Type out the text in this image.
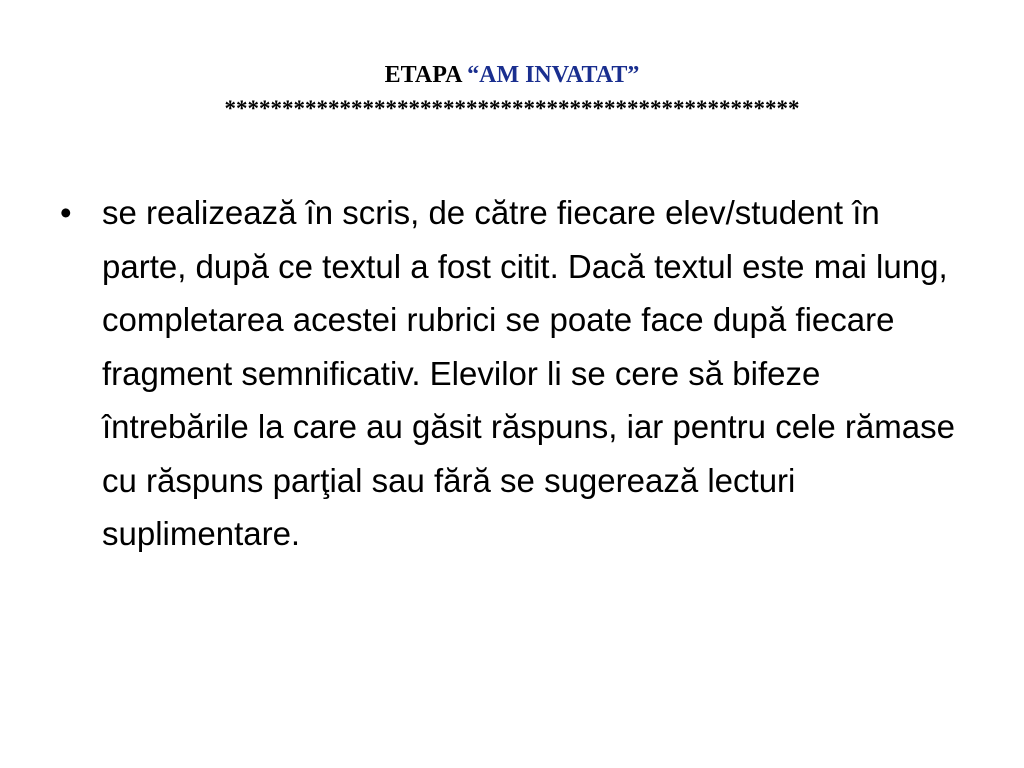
ETAPA “AM INVATAT”
**************************************************
• se realizează în scris, de către fiecare elev/student în parte, după ce textul a fost citit. Dacă textul este mai lung, completarea acestei rubrici se poate face după fiecare fragment semnificativ. Elevilor li se cere să bifeze întrebările la care au găsit răspuns, iar pentru cele rămase cu răspuns parţial sau fără se sugerează lecturi suplimentare.
